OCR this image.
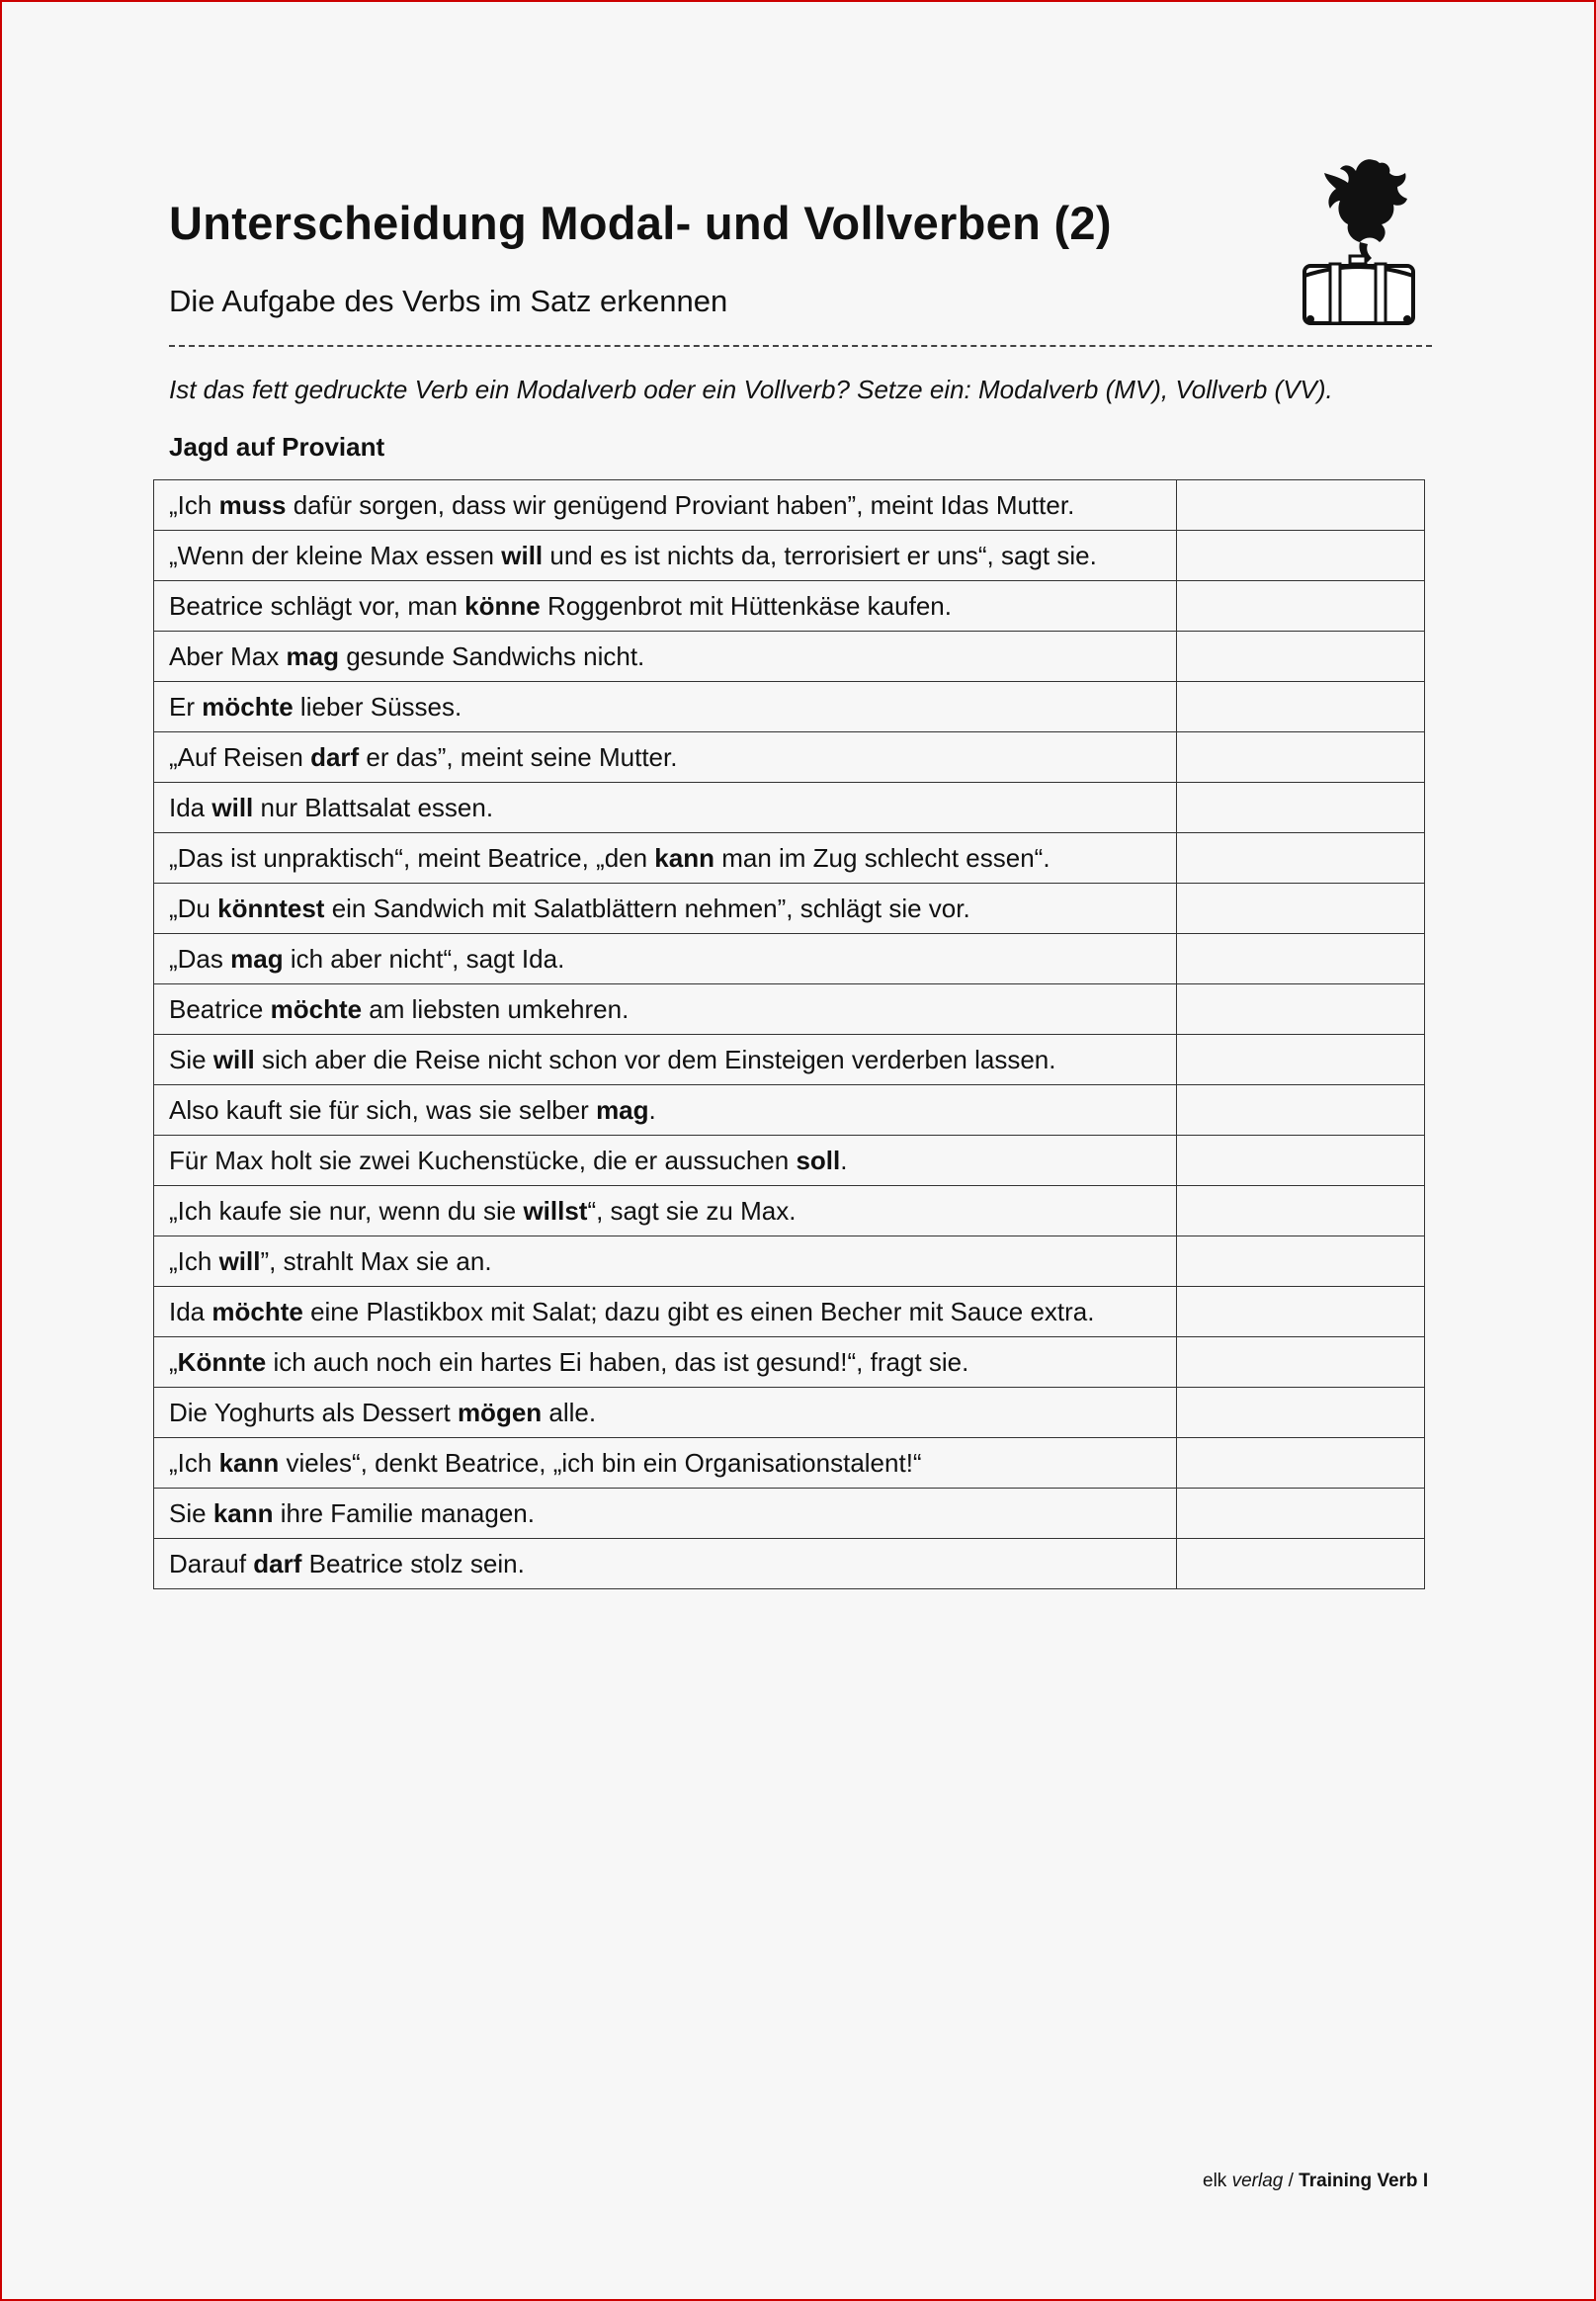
Unterscheidung Modal- und Vollverben (2)
Die Aufgabe des Verbs im Satz erkennen
Ist das fett gedruckte Verb ein Modalverb oder ein Vollverb? Setze ein: Modalverb (MV), Vollverb (VV).
Jagd auf Proviant
„Ich muss dafür sorgen, dass wir genügend Proviant haben”, meint Idas Mutter.	
„Wenn der kleine Max essen will und es ist nichts da, terrorisiert er uns“, sagt sie.	
Beatrice schlägt vor, man könne Roggenbrot mit Hüttenkäse kaufen.	
Aber Max mag gesunde Sandwichs nicht.	
Er möchte lieber Süsses.	
„Auf Reisen darf er das”, meint seine Mutter.	
Ida will nur Blattsalat essen.	
„Das ist unpraktisch“, meint Beatrice, „den kann man im Zug schlecht essen“.	
„Du könntest ein Sandwich mit Salatblättern nehmen”, schlägt sie vor.	
„Das mag ich aber nicht“, sagt Ida.	
Beatrice möchte am liebsten umkehren.	
Sie will sich aber die Reise nicht schon vor dem Einsteigen verderben lassen.	
Also kauft sie für sich, was sie selber mag.	
Für Max holt sie zwei Kuchenstücke, die er aussuchen soll.	
„Ich kaufe sie nur, wenn du sie willst“, sagt sie zu Max.	
„Ich will”, strahlt Max sie an.	
Ida möchte eine Plastikbox mit Salat; dazu gibt es einen Becher mit Sauce extra.	
„Könnte ich auch noch ein hartes Ei haben, das ist gesund!“, fragt sie.	
Die Yoghurts als Dessert mögen alle.	
„Ich kann vieles“, denkt Beatrice, „ich bin ein Organisationstalent!“	
Sie kann ihre Familie managen.	
Darauf darf Beatrice stolz sein.	
elk verlag / Training Verb I
